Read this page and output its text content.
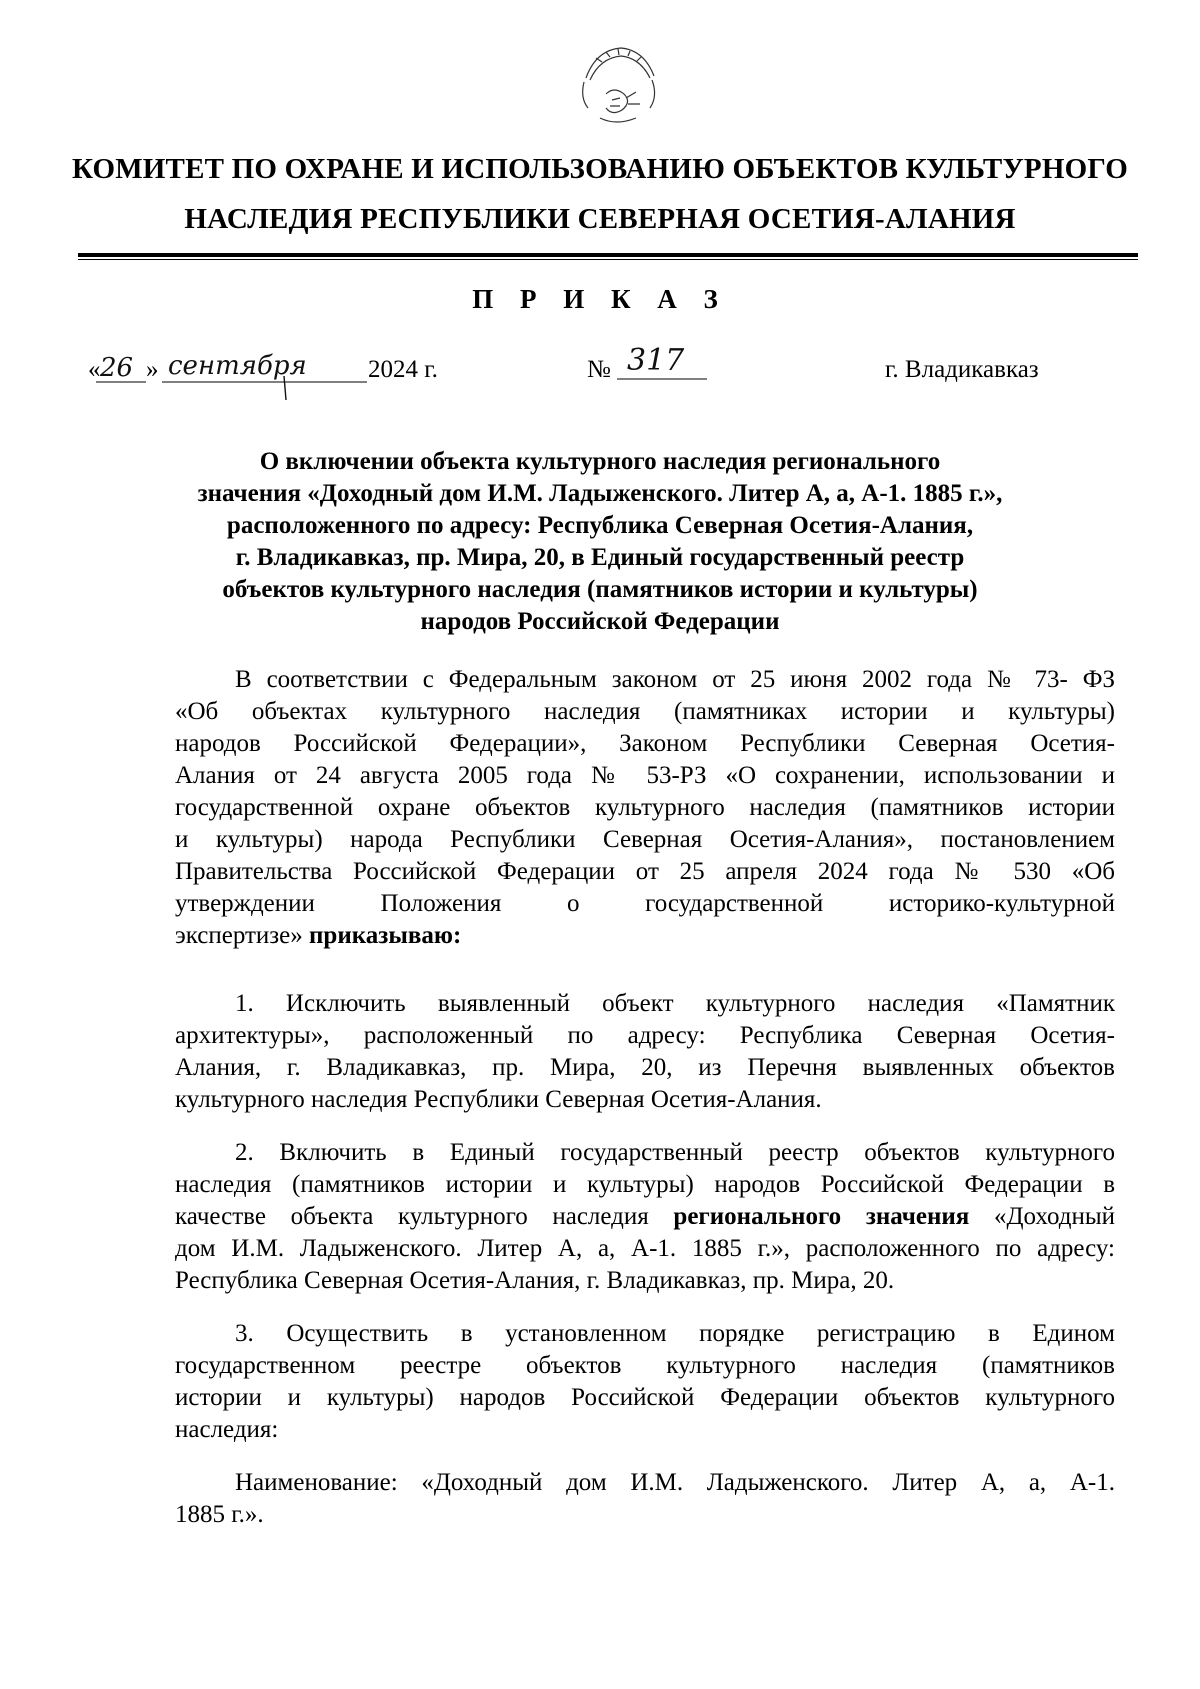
КОМИТЕТ ПО ОХРАНЕ И ИСПОЛЬЗОВАНИЮ ОБЪЕКТОВ КУЛЬТУРНОГО
НАСЛЕДИЯ РЕСПУБЛИКИ СЕВЕРНАЯ ОСЕТИЯ-АЛАНИЯ
П Р И К А З
« 26 » сентября 2024 г.	№ 317	г. Владикавказ
О включении объекта культурного наследия регионального
значения «Доходный дом И.М. Ладыженского. Литер А, а, А-1. 1885 г.»,
расположенного по адресу: Республика Северная Осетия-Алания,
г. Владикавказ, пр. Мира, 20, в Единый государственный реестр
объектов культурного наследия (памятников истории и культуры)
народов Российской Федерации
В соответствии с Федеральным законом от 25 июня 2002 года № 73- ФЗ
«Об объектах культурного наследия (памятниках истории и культуры)
народов Российской Федерации», Законом Республики Северная Осетия-
Алания от 24 августа 2005 года № 53-РЗ «О сохранении, использовании и
государственной охране объектов культурного наследия (памятников истории
и культуры) народа Республики Северная Осетия-Алания», постановлением
Правительства Российской Федерации от 25 апреля 2024 года № 530 «Об
утверждении Положения о государственной историко-культурной
экспертизе» приказываю:
1. Исключить выявленный объект культурного наследия «Памятник
архитектуры», расположенный по адресу: Республика Северная Осетия-
Алания, г. Владикавказ, пр. Мира, 20, из Перечня выявленных объектов
культурного наследия Республики Северная Осетия-Алания.
2. Включить в Единый государственный реестр объектов культурного
наследия (памятников истории и культуры) народов Российской Федерации в
качестве объекта культурного наследия регионального значения «Доходный
дом И.М. Ладыженского. Литер А, а, А-1. 1885 г.», расположенного по адресу:
Республика Северная Осетия-Алания, г. Владикавказ, пр. Мира, 20.
3. Осуществить в установленном порядке регистрацию в Едином
государственном реестре объектов культурного наследия (памятников
истории и культуры) народов Российской Федерации объектов культурного
наследия:
Наименование: «Доходный дом И.М. Ладыженского. Литер А, а, А-1.
1885 г.».
